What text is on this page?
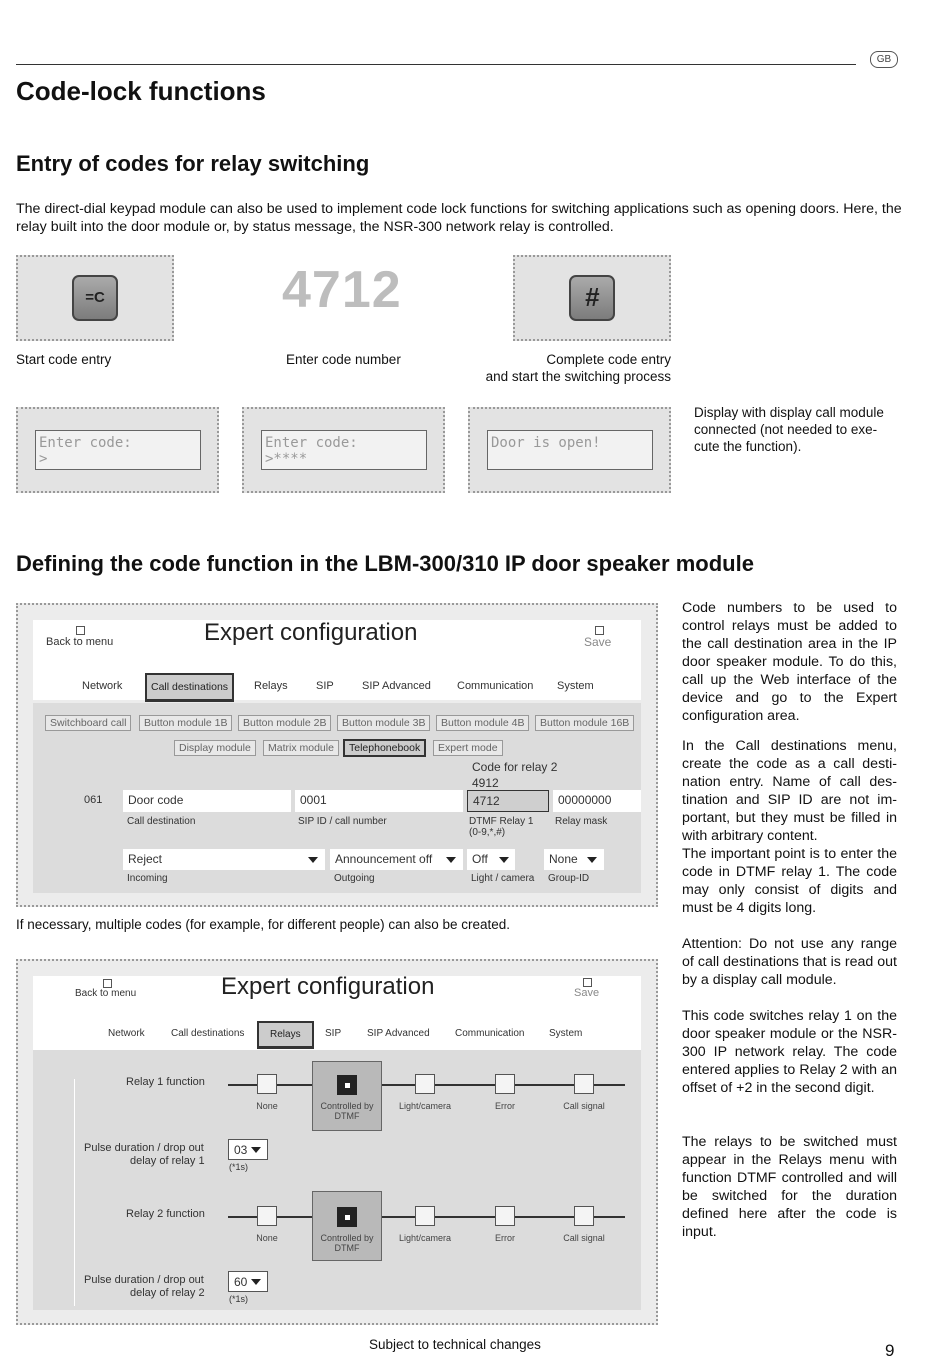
GB
Code-lock functions
Entry of codes for relay switching

The direct-dial keypad module can also be used to implement code lock functions for switching applications such as opening doors. Here, the relay built into the door module or, by status message, the NSR-300 network relay is controlled.

=C	4712	#
Start code entry	Enter code number	Complete code entry
and start the switching process
Enter code:
>
Enter code:
>****
Door is open!

Display with display call module connected (not needed to exe-cute the function).

Defining the code function in the LBM-300/310 IP door speaker module
Back to menu	Expert configuration	Save
Network	Call destinations	Relays	SIP	SIP Advanced Communication System
Switchboard call	Button module 1B	Button module 2B	Button module 3B	Button module 4B	Button module 16B
Display module	Matrix module	Telephonebook	Expert mode
Code for relay 2
4912
061	Door code
Call destination
0001
SIP ID / call number
4712
DTMF Relay 1
(0-9,*,#)
00000000
Relay mask
Reject
Incoming
Announcement off
Outgoing
Off
Light / camera
None
Group-ID

If necessary, multiple codes (for example, for different people) can also be created.

Back to menu	Expert configuration	Save
Network	Call destinations	Relays	SIP	SIP Advanced	Communication System
Relay 1 function
None	Controlled by DTMF
Light/camera	Error	Call signal
Pulse duration / drop out
delay of relay 1
03
(*1s)
Relay 2 function
None	Controlled by DTMF
Light/camera	Error	Call signal
Pulse duration / drop out
delay of relay 2
60
(*1s)

Code numbers to be used to control relays must be added to the call destination area in the IP door speaker module. To do this, call up the Web interface of the device and go to the Expert configuration area.

In the Call destinations menu, create the code as a call desti-nation entry. Name of call des-tination and SIP ID are not im-portant, but they must be filled in with arbitrary content.

The important point is to enter the code in DTMF relay 1. The code may only consist of digits and must be 4 digits long.

Attention: Do not use any range of call destinations that is read out by a display call module.

This code switches relay 1 on the door speaker module or the NSR-300 IP network relay. The code entered applies to Relay 2 with an offset of +2 in the second digit.

The relays to be switched must appear in the Relays menu with function DTMF controlled and will be switched for the duration defined here after the code is input.

Subject to technical changes	9
